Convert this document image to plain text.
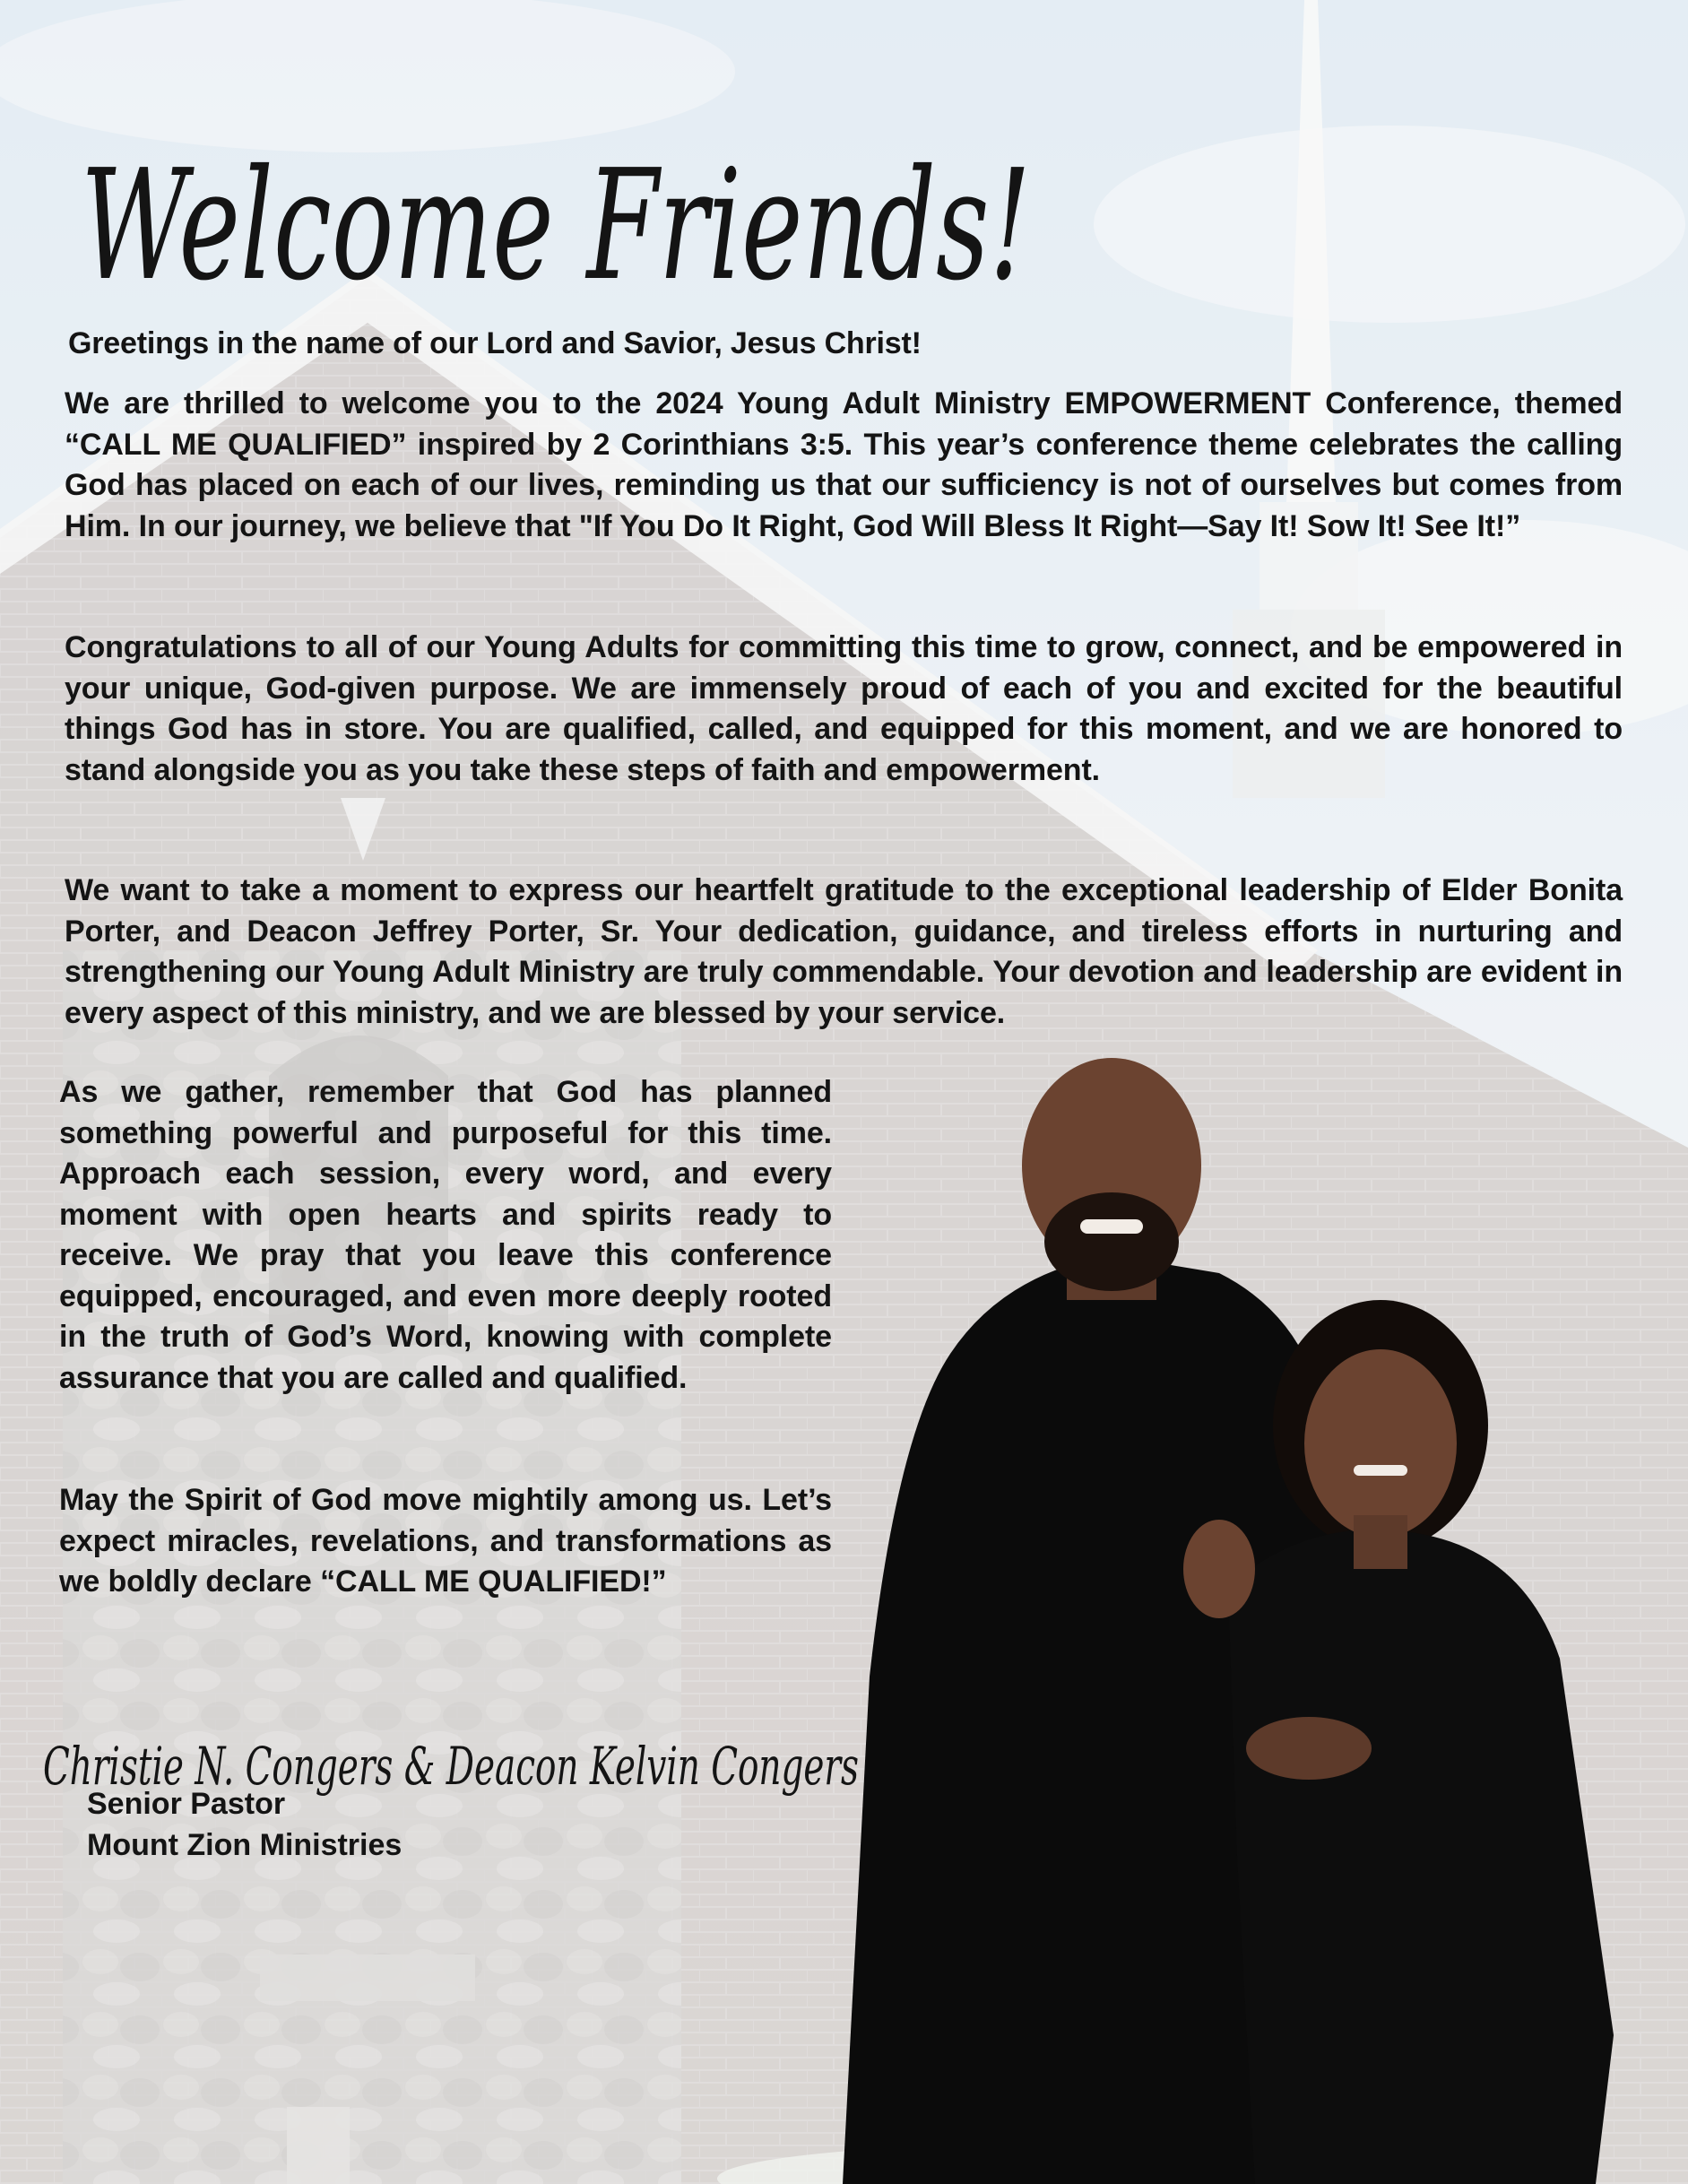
Welcome Friends!
Greetings in the name of our Lord and Savior, Jesus Christ!
We are thrilled to welcome you to the 2024 Young Adult Ministry EMPOWERMENT Conference, themed “CALL ME QUALIFIED” inspired by 2 Corinthians 3:5. This year’s conference theme celebrates the calling God has placed on each of our lives, reminding us that our sufficiency is not of ourselves but comes from Him. In our journey, we believe that "If You Do It Right, God Will Bless It Right—Say It! Sow It! See It!”
Congratulations to all of our Young Adults for committing this time to grow, connect, and be empowered in your unique, God-given purpose. We are immensely proud of each of you and excited for the beautiful things God has in store. You are qualified, called, and equipped for this moment, and we are honored to stand alongside you as you take these steps of faith and empowerment.
We want to take a moment to express our heartfelt gratitude to the exceptional leadership of Elder Bonita Porter, and Deacon Jeffrey Porter, Sr. Your dedication, guidance, and tireless efforts in nurturing and strengthening our Young Adult Ministry are truly commendable. Your devotion and leadership are evident in every aspect of this ministry, and we are blessed by your service.
As we gather, remember that God has planned something powerful and purposeful for this time. Approach each session, every word, and every moment with open hearts and spirits ready to receive. We pray that you leave this conference equipped, encouraged, and even more deeply rooted in the truth of God’s Word, knowing with complete assurance that you are called and qualified.
May the Spirit of God move mightily among us. Let’s expect miracles, revelations, and transformations as we boldly declare “CALL ME QUALIFIED!”
Christie N. Congers & Deacon Kelvin Congers
Senior Pastor
Mount Zion Ministries
